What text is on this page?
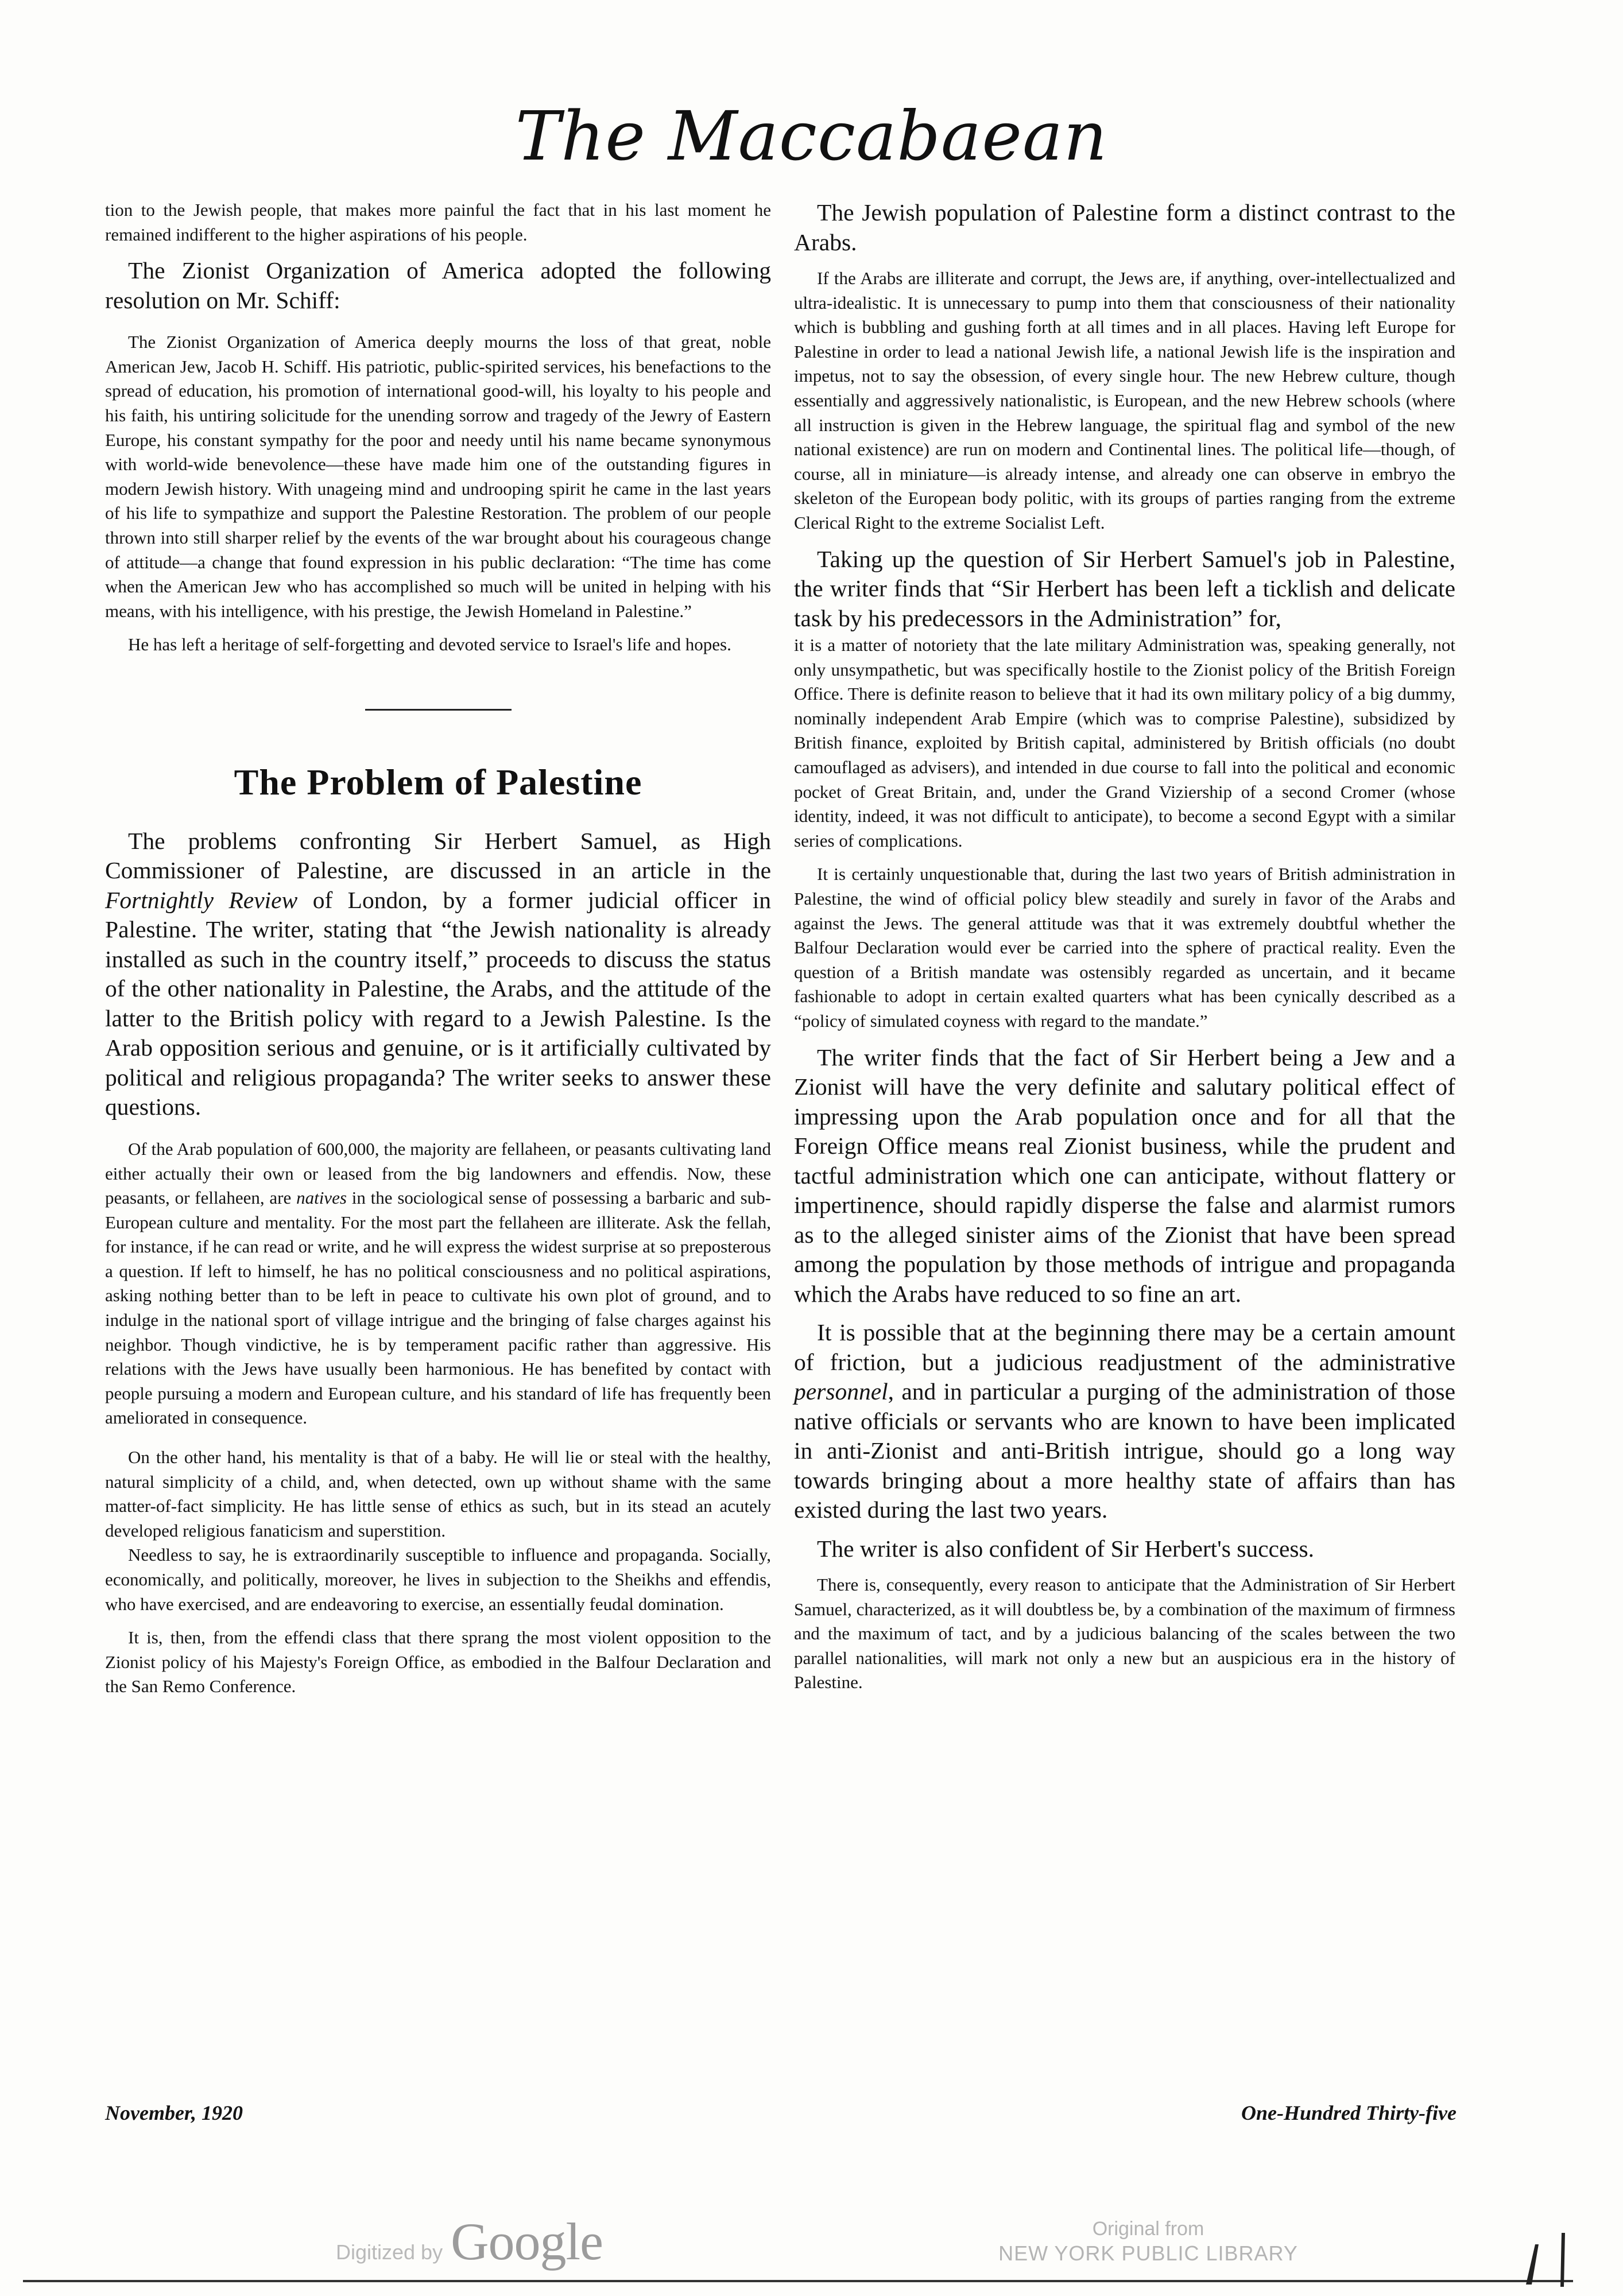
The Maccabaean

tion to the Jewish people, that makes more painful the fact that in his last moment he remained indifferent to the higher aspirations of his people.

The Zionist Organization of America adopted the following resolution on Mr. Schiff:

The Zionist Organization of America deeply mourns the loss of that great, noble American Jew, Jacob H. Schiff. His patriotic, public-spirited services, his benefactions to the spread of education, his promotion of international good-will, his loyalty to his people and his faith, his untiring solicitude for the unending sorrow and tragedy of the Jewry of Eastern Europe, his constant sympathy for the poor and needy until his name became synonymous with world-wide benevolence—these have made him one of the outstanding figures in modern Jewish history. With unageing mind and undrooping spirit he came in the last years of his life to sympathize and support the Palestine Restoration. The problem of our people thrown into still sharper relief by the events of the war brought about his courageous change of attitude—a change that found expression in his public declaration: “The time has come when the American Jew who has accomplished so much will be united in helping with his means, with his intelligence, with his prestige, the Jewish Homeland in Palestine.”

He has left a heritage of self-forgetting and devoted service to Israel's life and hopes.

The Problem of Palestine

The problems confronting Sir Herbert Samuel, as High Commissioner of Palestine, are discussed in an article in the Fortnightly Review of London, by a former judicial officer in Palestine. The writer, stating that “the Jewish nationality is already installed as such in the country itself,” proceeds to discuss the status of the other nationality in Palestine, the Arabs, and the attitude of the latter to the British policy with regard to a Jewish Palestine. Is the Arab opposition serious and genuine, or is it artificially cultivated by political and religious propaganda? The writer seeks to answer these questions.

Of the Arab population of 600,000, the majority are fellaheen, or peasants cultivating land either actually their own or leased from the big landowners and effendis. Now, these peasants, or fellaheen, are natives in the sociological sense of possessing a barbaric and sub-European culture and mentality. For the most part the fellaheen are illiterate. Ask the fellah, for instance, if he can read or write, and he will express the widest surprise at so preposterous a question. If left to himself, he has no political consciousness and no political aspirations, asking nothing better than to be left in peace to cultivate his own plot of ground, and to indulge in the national sport of village intrigue and the bringing of false charges against his neighbor. Though vindictive, he is by temperament pacific rather than aggressive. His relations with the Jews have usually been harmonious. He has benefited by contact with people pursuing a modern and European culture, and his standard of life has frequently been ameliorated in consequence.

On the other hand, his mentality is that of a baby. He will lie or steal with the healthy, natural simplicity of a child, and, when detected, own up without shame with the same matter-of-fact simplicity. He has little sense of ethics as such, but in its stead an acutely developed religious fanaticism and superstition.

Needless to say, he is extraordinarily susceptible to influence and propaganda. Socially, economically, and politically, moreover, he lives in subjection to the Sheikhs and effendis, who have exercised, and are endeavoring to exercise, an essentially feudal domination.

It is, then, from the effendi class that there sprang the most violent opposition to the Zionist policy of his Majesty's Foreign Office, as embodied in the Balfour Declaration and the San Remo Conference.

The Jewish population of Palestine form a distinct contrast to the Arabs.

If the Arabs are illiterate and corrupt, the Jews are, if anything, over-intellectualized and ultra-idealistic. It is unnecessary to pump into them that consciousness of their nationality which is bubbling and gushing forth at all times and in all places. Having left Europe for Palestine in order to lead a national Jewish life, a national Jewish life is the inspiration and impetus, not to say the obsession, of every single hour. The new Hebrew culture, though essentially and aggressively nationalistic, is European, and the new Hebrew schools (where all instruction is given in the Hebrew language, the spiritual flag and symbol of the new national existence) are run on modern and Continental lines. The political life—though, of course, all in miniature—is already intense, and already one can observe in embryo the skeleton of the European body politic, with its groups of parties ranging from the extreme Clerical Right to the extreme Socialist Left.

Taking up the question of Sir Herbert Samuel's job in Palestine, the writer finds that “Sir Herbert has been left a ticklish and delicate task by his predecessors in the Administration” for,

it is a matter of notoriety that the late military Administration was, speaking generally, not only unsympathetic, but was specifically hostile to the Zionist policy of the British Foreign Office. There is definite reason to believe that it had its own military policy of a big dummy, nominally independent Arab Empire (which was to comprise Palestine), subsidized by British finance, exploited by British capital, administered by British officials (no doubt camouflaged as advisers), and intended in due course to fall into the political and economic pocket of Great Britain, and, under the Grand Viziership of a second Cromer (whose identity, indeed, it was not difficult to anticipate), to become a second Egypt with a similar series of complications.

It is certainly unquestionable that, during the last two years of British administration in Palestine, the wind of official policy blew steadily and surely in favor of the Arabs and against the Jews. The general attitude was that it was extremely doubtful whether the Balfour Declaration would ever be carried into the sphere of practical reality. Even the question of a British mandate was ostensibly regarded as uncertain, and it became fashionable to adopt in certain exalted quarters what has been cynically described as a “policy of simulated coyness with regard to the mandate.”

The writer finds that the fact of Sir Herbert being a Jew and a Zionist will have the very definite and salutary political effect of impressing upon the Arab population once and for all that the Foreign Office means real Zionist business, while the prudent and tactful administration which one can anticipate, without flattery or impertinence, should rapidly disperse the false and alarmist rumors as to the alleged sinister aims of the Zionist that have been spread among the population by those methods of intrigue and propaganda which the Arabs have reduced to so fine an art.

It is possible that at the beginning there may be a certain amount of friction, but a judicious readjustment of the administrative personnel, and in particular a purging of the administration of those native officials or servants who are known to have been implicated in anti-Zionist and anti-British intrigue, should go a long way towards bringing about a more healthy state of affairs than has existed during the last two years.

The writer is also confident of Sir Herbert's success.

There is, consequently, every reason to anticipate that the Administration of Sir Herbert Samuel, characterized, as it will doubtless be, by a combination of the maximum of firmness and the maximum of tact, and by a judicious balancing of the scales between the two parallel nationalities, will mark not only a new but an auspicious era in the history of Palestine.

November, 1920	One-Hundred Thirty-five
Digitized by Google	Original from
NEW YORK PUBLIC LIBRARY
